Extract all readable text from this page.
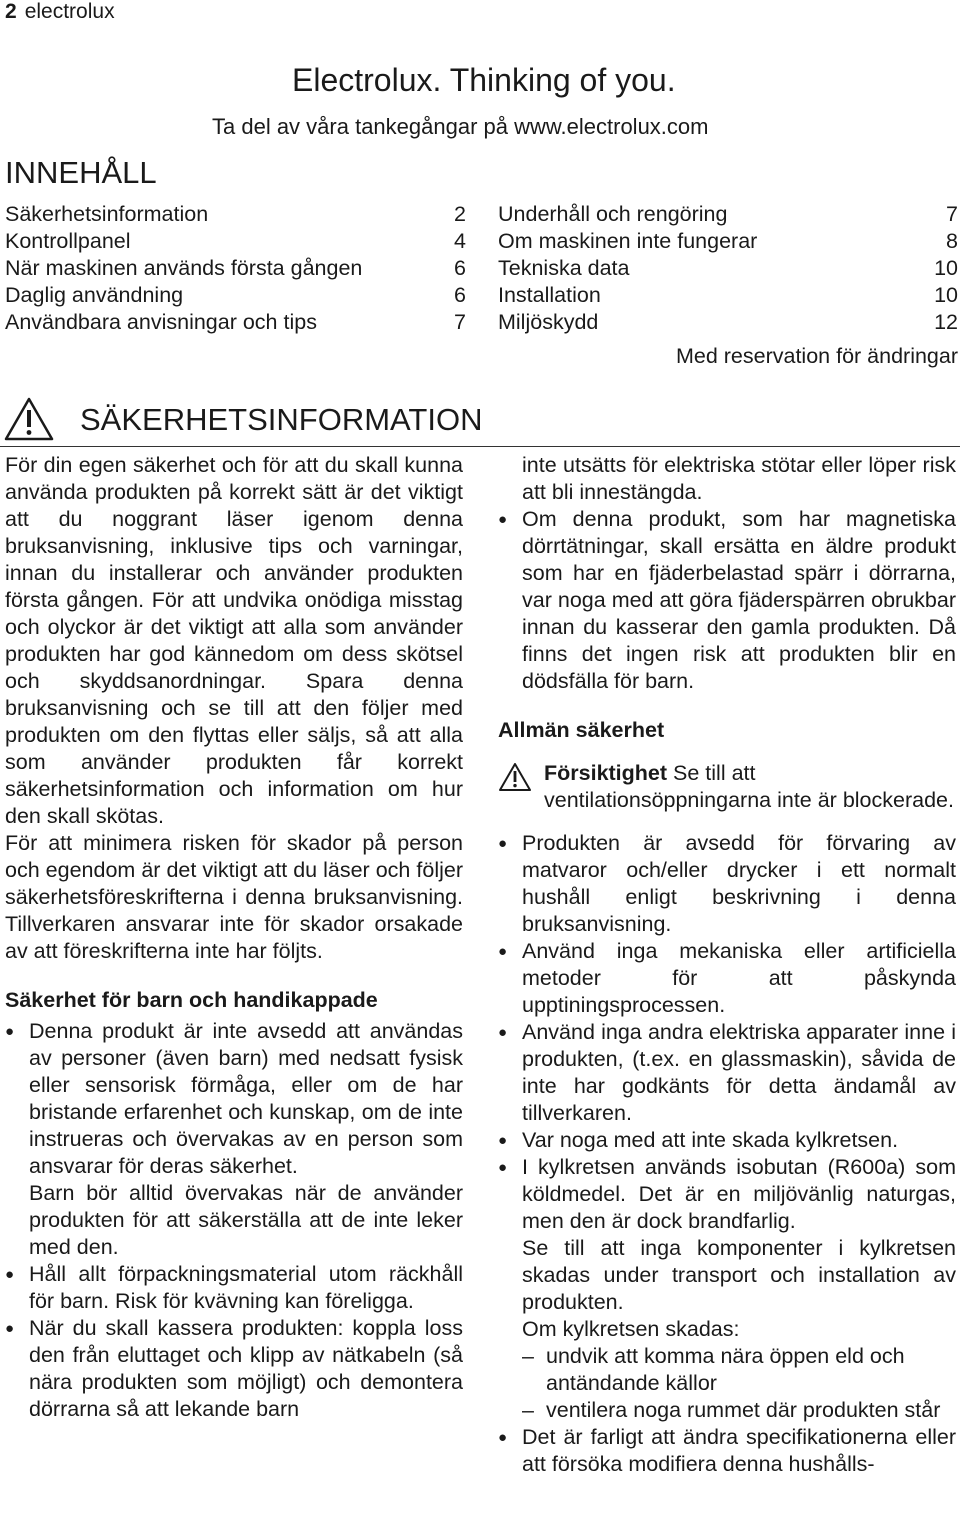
2 electrolux
Electrolux. Thinking of you.
Ta del av våra tankegångar på www.electrolux.com
INNEHÅLL
Säkerhetsinformation	2
Kontrollpanel	4
När maskinen används första gången	6
Daglig användning	6
Användbara anvisningar och tips	7
Underhåll och rengöring	7
Om maskinen inte fungerar	8
Tekniska data	10
Installation	10
Miljöskydd	12
Med reservation för ändringar
SÄKERHETSINFORMATION

För din egen säkerhet och för att du skall kunna använda produkten på korrekt sätt är det viktigt att du noggrant läser igenom denna bruksanvisning, inklusive tips och varningar, innan du installerar och använder produkten första gången. För att undvika onödiga misstag och olyckor är det viktigt att alla som använder produkten har god kännedom om dess skötsel och skyddsanordningar. Spara denna bruksanvisning och se till att den följer med produkten om den flyttas eller säljs, så att alla som använder produkten får korrekt säkerhetsinformation och information om hur den skall skötas.

För att minimera risken för skador på person och egendom är det viktigt att du läser och följer säkerhetsföreskrifterna i denna bruksanvisning. Tillverkaren ansvarar inte för skador orsakade av att föreskrifterna inte har följts.

Säkerhet för barn och handikappade
● Denna produkt är inte avsedd att användas av personer (även barn) med nedsatt fysisk eller sensorisk förmåga, eller om de har bristande erfarenhet och kunskap, om de inte instrueras och övervakas av en person som ansvarar för deras säkerhet.
Barn bör alltid övervakas när de använder produkten för att säkerställa att de inte leker med den.
● Håll allt förpackningsmaterial utom räckhåll för barn. Risk för kvävning kan föreligga.
● När du skall kassera produkten: koppla loss den från eluttaget och klipp av nätkabeln (så nära produkten som möjligt) och demontera dörrarna så att lekande barn
inte utsätts för elektriska stötar eller löper risk att bli innestängda.
● Om denna produkt, som har magnetiska dörrtätningar, skall ersätta en äldre produkt som har en fjäderbelastad spärr i dörrarna, var noga med att göra fjäderspärren obrukbar innan du kasserar den gamla produkten. Då finns det ingen risk att produkten blir en dödsfälla för barn.
Allmän säkerhet
Försiktighet Se till att ventilationsöppningarna inte är blockerade.
● Produkten är avsedd för förvaring av matvaror och/eller drycker i ett normalt hushåll enligt beskrivning i denna bruksanvisning.
● Använd inga mekaniska eller artificiella metoder för att påskynda upptiningsprocessen.
● Använd inga andra elektriska apparater inne i produkten, (t.ex. en glassmaskin), såvida de inte har godkänts för detta ändamål av tillverkaren.
● Var noga med att inte skada kylkretsen.
● I kylkretsen används isobutan (R600a) som köldmedel. Det är en miljövänlig naturgas, men den är dock brandfarlig.
Se till att inga komponenter i kylkretsen skadas under transport och installation av produkten.
Om kylkretsen skadas:
– undvik att komma nära öppen eld och antändande källor
– ventilera noga rummet där produkten står
● Det är farligt att ändra specifikationerna eller att försöka modifiera denna hushålls-
